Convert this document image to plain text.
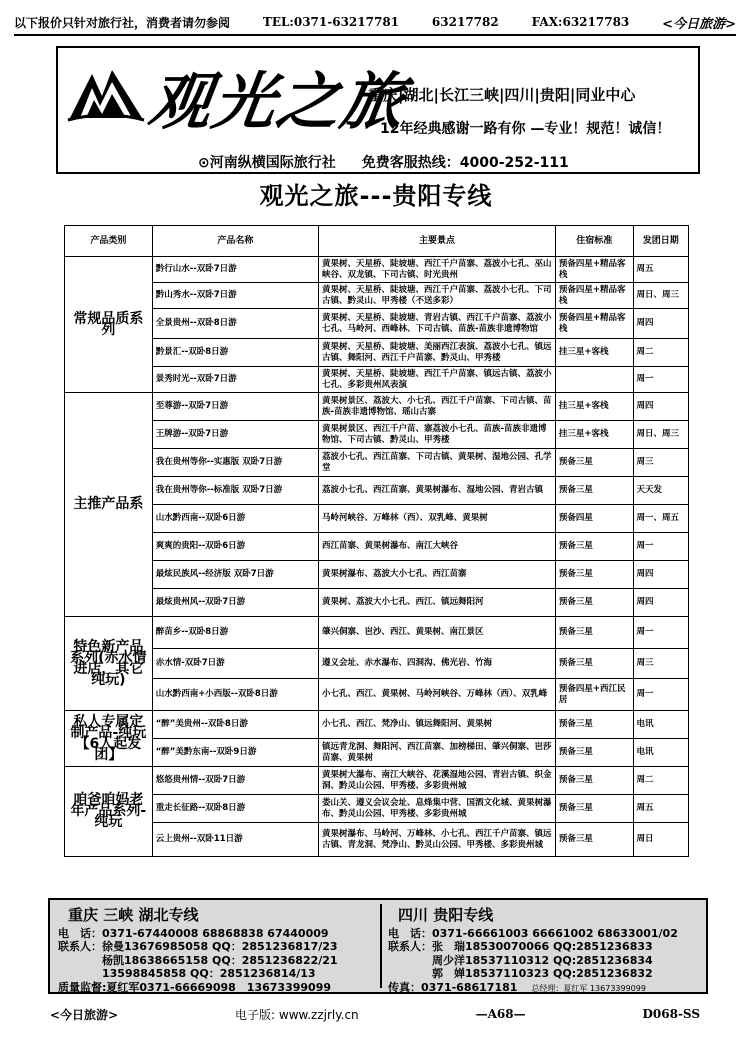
以下报价只针对旅行社，消费者请勿参阅	TEL:0371-63217781	63217782	FAX:63217783	<今日旅游>
观光之旅
重庆|湖北|长江三峡|四川|贵阳|同业中心
12年经典感谢一路有你 —专业！规范！诚信！
⊙河南纵横国际旅行社 免费客服热线：4000-252-111
观光之旅---贵阳专线
产品类别	产品名称	主要景点	住宿标准	发团日期
常规品质系列	黔行山水--双卧7日游	黄果树、天星桥、陡坡塘、西江千户苗寨、荔波小七孔、巫山峡谷、双龙镇、下司古镇、时光贵州	预备四星+精品客栈	周五
	黔山秀水--双卧7日游	黄果树、天星桥、陡坡塘、西江千户苗寨、荔波小七孔、下司古镇、黔灵山、甲秀楼（不送多彩）	预备四星+精品客栈	周日、周三
	全景贵州--双卧8日游	黄果树、天星桥、陡坡塘、青岩古镇、西江千户苗寨、荔波小七孔、马岭河、西峰林、下司古镇、苗族-苗族非遗博物馆	预备四星+精品客栈	周四
	黔景汇--双卧8日游	黄果树、天星桥、陡坡塘、美丽西江表演、荔波小七孔、镇远古镇、舞阳河、西江千户苗寨、黔灵山、甲秀楼	挂三星+客栈	周二
	景秀时光--双卧7日游	黄果树、天星桥、陡坡塘、西江千户苗寨、镇远古镇、荔波小七孔、多彩贵州风表演		周一
主推产品系	至尊游--双卧7日游	黄果树景区、荔波大、小七孔、西江千户苗寨、下司古镇、苗族-苗族非遗博物馆、瑶山古寨	挂三星+客栈	周四
	王牌游--双卧7日游	黄果树景区、西江千户苗、寨荔波小七孔、苗族-苗族非遗博物馆、下司古镇、黔灵山、甲秀楼	挂三星+客栈	周日、周三
	我在贵州等你--实惠版 双卧7日游	荔波小七孔、西江苗寨、下司古镇、黄果树、湿地公园、孔学堂	预备三星	周三
	我在贵州等你--标准版 双卧7日游	荔波小七孔、西江苗寨、黄果树瀑布、湿地公园、青岩古镇	预备三星	天天发
	山水黔西南--双卧6日游	马岭河峡谷、万峰林（西）、双乳峰、黄果树	预备四星	周一、周五
	爽爽的贵阳--双卧6日游	西江苗寨、黄果树瀑布、南江大峡谷	预备三星	周一
	最炫民族风--经济版 双卧7日游	黄果树瀑布、荔波大小七孔、西江苗寨	预备三星	周四
	最炫贵州风--双卧7日游	黄果树、荔波大小七孔、西江、镇远舞阳河	预备三星	周四
特色新产品系列(赤水情进店，其它纯玩)	醉苗乡--双卧8日游	肇兴侗寨、岜沙、西江、黄果树、南江景区	预备三星	周一
	赤水情-双卧7日游	遵义会址、赤水瀑布、四洞沟、佛光岩、竹海	预备三星	周三
	山水黔西南+小西版--双卧8日游	小七孔、西江、黄果树、马岭河峡谷、万峰林（西）、双乳峰	预备四星+西江民居	周一
私人专属定制产品-纯玩【6人起发团】	“醉”美贵州--双卧8日游	小七孔、西江、梵净山、镇远舞阳河、黄果树	预备三星	电讯
	“醉”美黔东南--双卧9日游	镇远青龙洞、舞阳河、西江苗寨、加榜梯田、肇兴侗寨、岜莎苗寨、黄果树	预备三星	电讯
咱爸咱妈老年产品系列-纯玩	悠悠贵州情--双卧7日游	黄果树大瀑布、南江大峡谷、花溪湿地公园、青岩古镇、织金洞、黔灵山公园、甲秀楼、多彩贵州城	预备三星	周二
	重走长征路--双卧8日游	娄山关、遵义会议会址、息烽集中营、国酒文化城、黄果树瀑布、黔灵山公园、甲秀楼、多彩贵州城	预备三星	周五
	云上贵州--双卧11日游	黄果树瀑布、马岭河、万峰林、小七孔、西江千户苗寨、镇远古镇、青龙洞、梵净山、黔灵山公园、甲秀楼、多彩贵州城	预备三星	周日
重庆 三峡 湖北专线
电　话：0371-67440008 68868838 67440009
联系人：徐曼13676985058 QQ：2851236817/23
　　　　杨凯18638665158 QQ：2851236822/21
　　　　13598845858 QQ：2851236814/13
质量监督:夏红军0371-66669098　13673399099
四川 贵阳专线
电　话：0371-66661003 66661002 68633001/02
联系人：张　瑞18530070066 QQ:2851236833
　　　　周少洋18537110312 QQ:2851236834
　　　　郭　婵18537110323 QQ:2851236832
传真：0371-68617181 总经理：夏红军 13673399099
<今日旅游>	电子版: www.zzjrly.cn	—A68—	D068-SS
